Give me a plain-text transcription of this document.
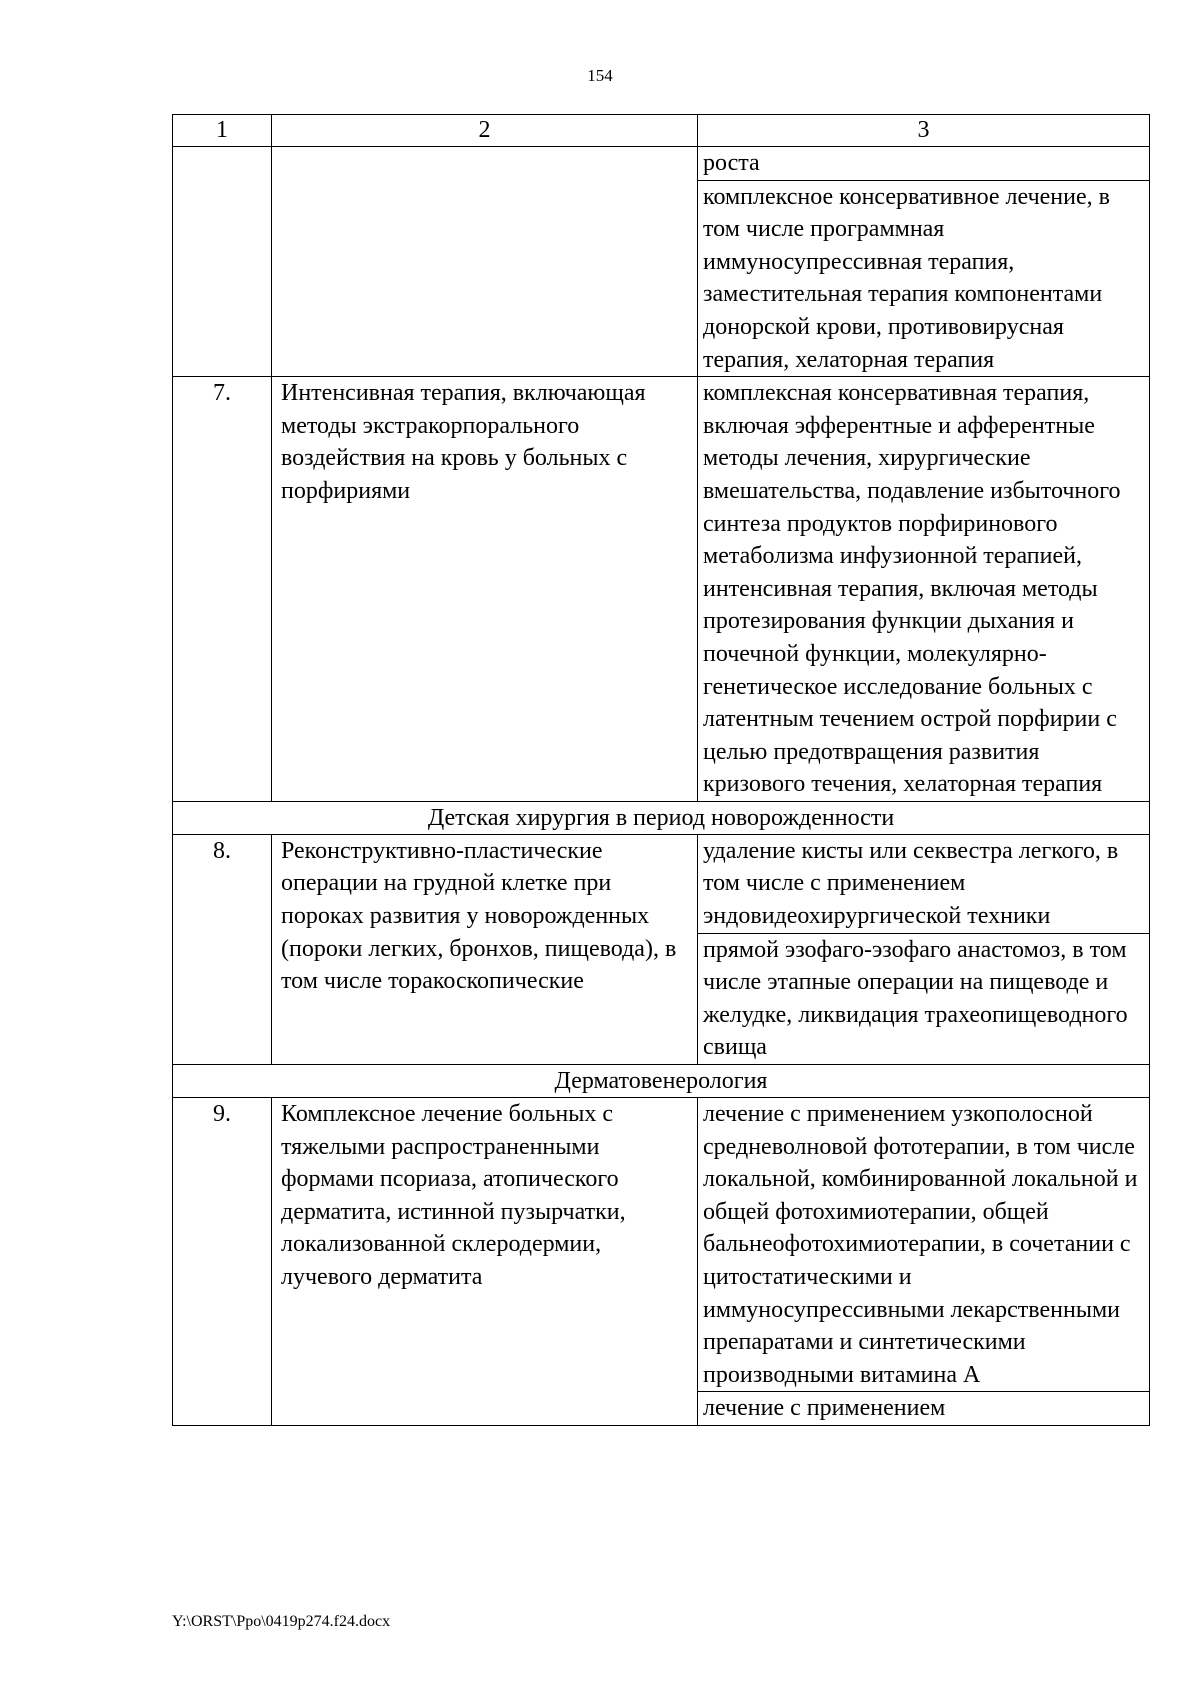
154
1	2	3
		роста
		комплексное консервативное лечение, в том числе программная иммуносупрессивная терапия, заместительная терапия компонентами донорской крови, противовирусная терапия, хелаторная терапия
7.	Интенсивная терапия, включающая методы экстракорпорального воздействия на кровь у больных с порфириями	комплексная консервативная терапия, включая эфферентные и афферентные методы лечения, хирургические вмешательства, подавление избыточного синтеза продуктов порфиринового метаболизма инфузионной терапией, интенсивная терапия, включая методы протезирования функции дыхания и почечной функции, молекулярно-генетическое исследование больных с латентным течением острой порфирии с целью предотвращения развития кризового течения, хелаторная терапия
Детская хирургия в период новорожденности		
8.	Реконструктивно-пластические операции на грудной клетке при пороках развития у новорожденных (пороки легких, бронхов, пищевода), в том числе торакоскопические	удаление кисты или секвестра легкого, в том числе с применением эндовидеохирургической техники
		прямой эзофаго-эзофаго анастомоз, в том числе этапные операции на пищеводе и желудке, ликвидация трахеопищеводного свища
Дерматовенерология		
9.	Комплексное лечение больных с тяжелыми распространенными формами псориаза, атопического дерматита, истинной пузырчатки, локализованной склеродермии, лучевого дерматита	лечение с применением узкополосной средневолновой фототерапии, в том числе локальной, комбинированной локальной и общей фотохимиотерапии, общей бальнеофотохимиотерапии, в сочетании с цитостатическими и иммуносупрессивными лекарственными препаратами и синтетическими производными витамина А
		лечение с применением
Y:\ORST\Ppo\0419p274.f24.docx
